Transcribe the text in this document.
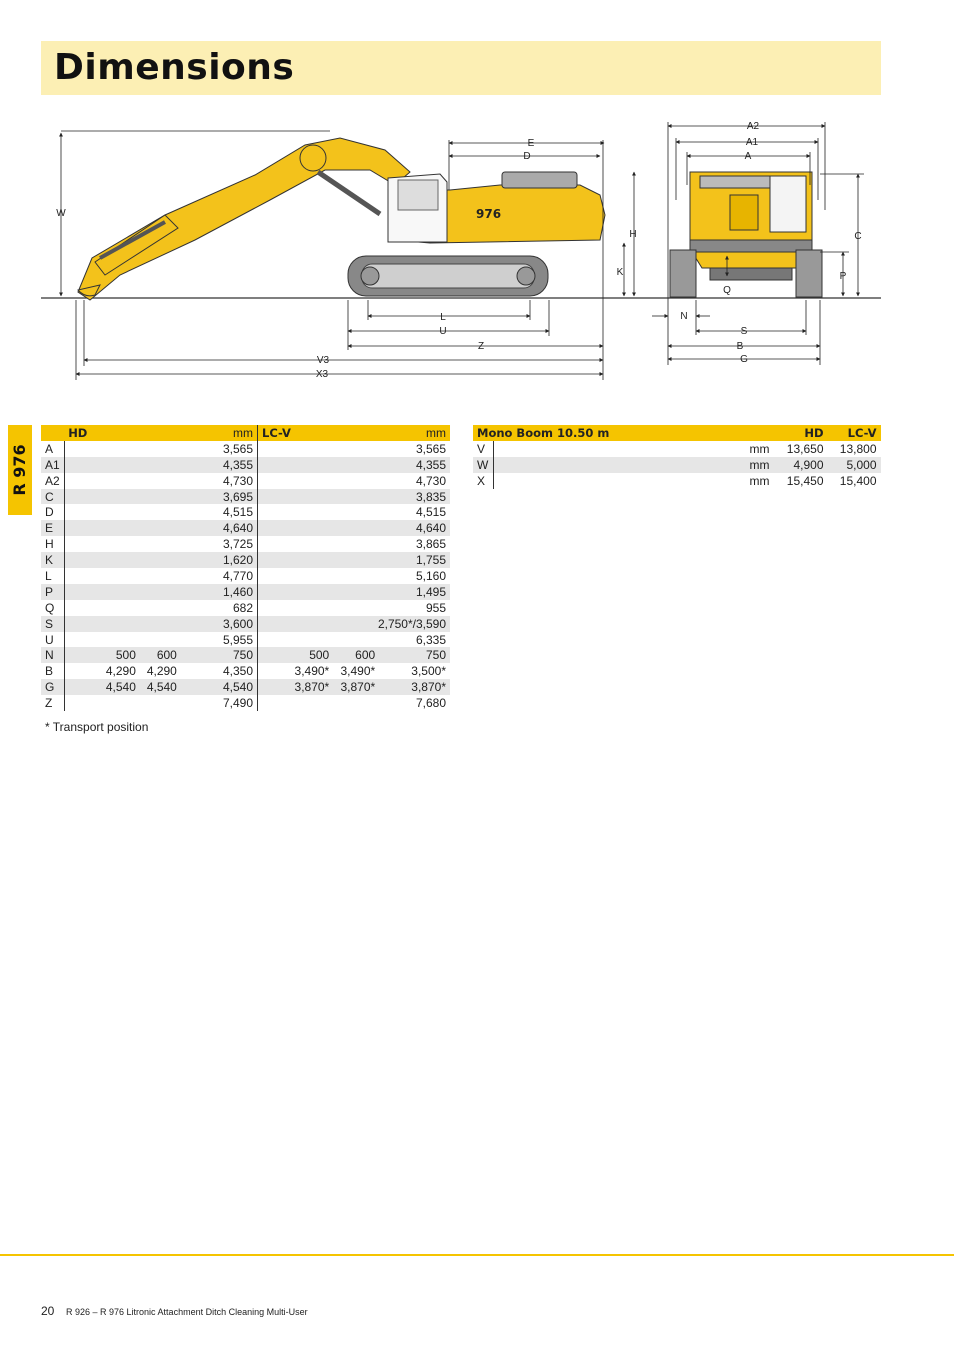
Dimensions
R 976
976
E
D
W
H
K
L
U
Z
V3
X3
A2
A1
A
C
P
Q
N
S
B
G
	HD		mm	LC-V		mm
A	3,565			3,565		
A1	4,355			4,355		
A2	4,730			4,730		
C	3,695			3,835		
D	4,515			4,515		
E	4,640			4,640		
H	3,725			3,865		
K	1,620			1,755		
L	4,770			5,160		
P	1,460			1,495		
Q	682			955		
S	3,600			2,750*/3,590		
U	5,955			6,335		
N	500	600	750	500	600	750
B	4,290	4,290	4,350	3,490*	3,490*	3,500*
G	4,540	4,540	4,540	3,870*	3,870*	3,870*
Z	7,490			7,680		
Mono Boom 10.50 m		HD	LC-V
V	mm	13,650	13,800
W	mm	4,900	5,000
X	mm	15,450	15,400
* Transport position
20 R 926 – R 976 Litronic Attachment Ditch Cleaning Multi-User
